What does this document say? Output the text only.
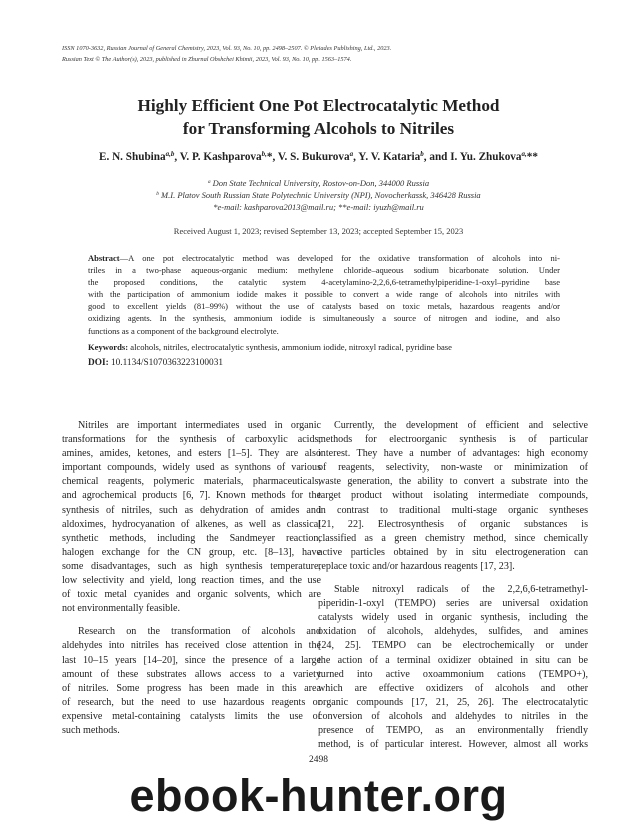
ISSN 1070-3632, Russian Journal of General Chemistry, 2023, Vol. 93, No. 10, pp. 2498–2507. © Pleiades Publishing, Ltd., 2023.
Russian Text © The Author(s), 2023, published in Zhurnal Obshchei Khimii, 2023, Vol. 93, No. 10, pp. 1563–1574.
Highly Efficient One Pot Electrocatalytic Method
for Transforming Alcohols to Nitriles
E. N. Shubina$^{a,b}$, V. P. Kashparova$^{b,}$*, V. S. Bukurova$^a$, Y. V. Kataria$^b$, and I. Yu. Zhukova$^{a,}$**
$^a$ Don State Technical University, Rostov-on-Don, 344000 Russia
$^b$ M.I. Platov South Russian State Polytechnic University (NPI), Novocherkassk, 346428 Russia
*e-mail: kashparova2013@mail.ru; **e-mail: iyuzh@mail.ru
Received August 1, 2023; revised September 13, 2023; accepted September 15, 2023
Abstract—A one pot electrocatalytic method was developed for the oxidative transformation of alcohols into ni-
triles in a two-phase aqueous-organic medium: methylene chloride–aqueous sodium bicarbonate solution. Under
the proposed conditions, the catalytic system 4-acetylamino-2,2,6,6-tetramethylpiperidine-1-oxyl–pyridine base
with the participation of ammonium iodide makes it possible to convert a wide range of alcohols into nitriles with
good to excellent yields (81–99%) without the use of catalysts based on toxic metals, hazardous reagents and/or
oxidizing agents. In the synthesis, ammonium iodide is simultaneously a source of nitrogen and iodine, and also
functions as a component of the background electrolyte.
Keywords: alcohols, nitriles, electrocatalytic synthesis, ammonium iodide, nitroxyl radical, pyridine base
DOI: 10.1134/S1070363223100031
Nitriles are important intermediates used in organic
transformations for the synthesis of carboxylic acids,
amines, amides, ketones, and esters [1–5]. They are also
important compounds, widely used as synthons of various
chemical reagents, polymeric materials, pharmaceuticals,
and agrochemical products [6, 7]. Known methods for the
synthesis of nitriles, such as dehydration of amides and
aldoximes, hydrocyanation of alkenes, as well as classical
synthetic methods, including the Sandmeyer reaction,
halogen exchange for the CN group, etc. [8–13], have
some disadvantages, such as high synthesis temperature,
low selectivity and yield, long reaction times, and the use
of toxic metal cyanides and organic solvents, which are
not environmentally feasible.
Research on the transformation of alcohols and
aldehydes into nitriles has received close attention in the
last 10–15 years [14–20], since the presence of a large
amount of these substrates allows access to a variety
of nitriles. Some progress has been made in this area
of research, but the need to use hazardous reagents or
expensive metal-containing catalysts limits the use of
such methods.
Currently, the development of efficient and selective
methods for electroorganic synthesis is of particular
interest. They have a number of advantages: high economy
of reagents, selectivity, non-waste or minimization of
waste generation, the ability to convert a substrate into the
target product without isolating intermediate compounds,
in contrast to traditional multi-stage organic syntheses
[21, 22]. Electrosynthesis of organic substances is
classified as a green chemistry method, since chemically
active particles obtained by in situ electrogeneration can
replace toxic and/or hazardous reagents [17, 23].
Stable nitroxyl radicals of the 2,2,6,6-tetramethyl-
piperidin-1-oxyl (TEMPO) series are universal oxidation
catalysts widely used in organic synthesis, including the
oxidation of alcohols, aldehydes, sulfides, and amines
[24, 25]. TEMPO can be electrochemically or under
the action of a terminal oxidizer obtained in situ can be
turned into active oxoammonium cations (TEMPO+),
which are effective oxidizers of alcohols and other
organic compounds [17, 21, 25, 26]. The electrocatalytic
conversion of alcohols and aldehydes to nitriles in the
presence of TEMPO, as an environmentally friendly
method, is of particular interest. However, almost all works
2498
ebook-hunter.org
